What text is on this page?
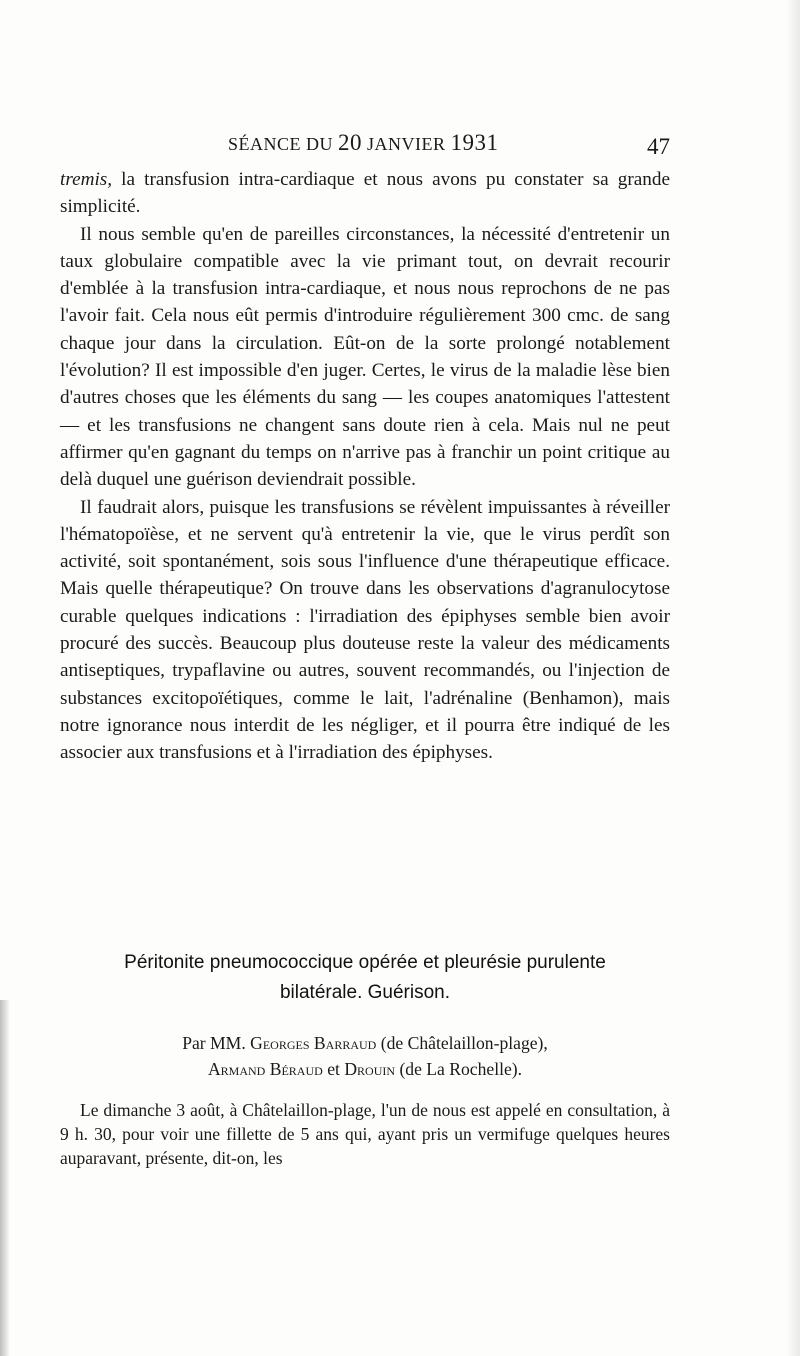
SÉANCE DU 20 JANVIER 1931	47

tremis, la transfusion intra-cardiaque et nous avons pu constater sa grande simplicité.

Il nous semble qu'en de pareilles circonstances, la nécessité d'entretenir un taux globulaire compatible avec la vie primant tout, on devrait recourir d'emblée à la transfusion intra-cardiaque, et nous nous reprochons de ne pas l'avoir fait. Cela nous eût permis d'introduire régulièrement 300 cmc. de sang chaque jour dans la circulation. Eût-on de la sorte prolongé notablement l'évolution? Il est impossible d'en juger. Certes, le virus de la maladie lèse bien d'autres choses que les éléments du sang — les coupes anatomiques l'attestent — et les transfusions ne changent sans doute rien à cela. Mais nul ne peut affirmer qu'en gagnant du temps on n'arrive pas à franchir un point critique au delà duquel une guérison deviendrait possible.

Il faudrait alors, puisque les transfusions se révèlent impuissantes à réveiller l'hématopoïèse, et ne servent qu'à entretenir la vie, que le virus perdît son activité, soit spontanément, sois sous l'influence d'une thérapeutique efficace. Mais quelle thérapeutique? On trouve dans les observations d'agranulocytose curable quelques indications : l'irradiation des épiphyses semble bien avoir procuré des succès. Beaucoup plus douteuse reste la valeur des médicaments antiseptiques, trypaflavine ou autres, souvent recommandés, ou l'injection de substances excitopoïétiques, comme le lait, l'adrénaline (Benhamon), mais notre ignorance nous interdit de les négliger, et il pourra être indiqué de les associer aux transfusions et à l'irradiation des épiphyses.

Péritonite pneumococcique opérée et pleurésie purulente
bilatérale. Guérison.
Par MM. Georges Barraud (de Châtelaillon-plage),
Armand Béraud et Drouin (de La Rochelle).

Le dimanche 3 août, à Châtelaillon-plage, l'un de nous est appelé en consultation, à 9 h. 30, pour voir une fillette de 5 ans qui, ayant pris un vermifuge quelques heures auparavant, présente, dit-on, les
